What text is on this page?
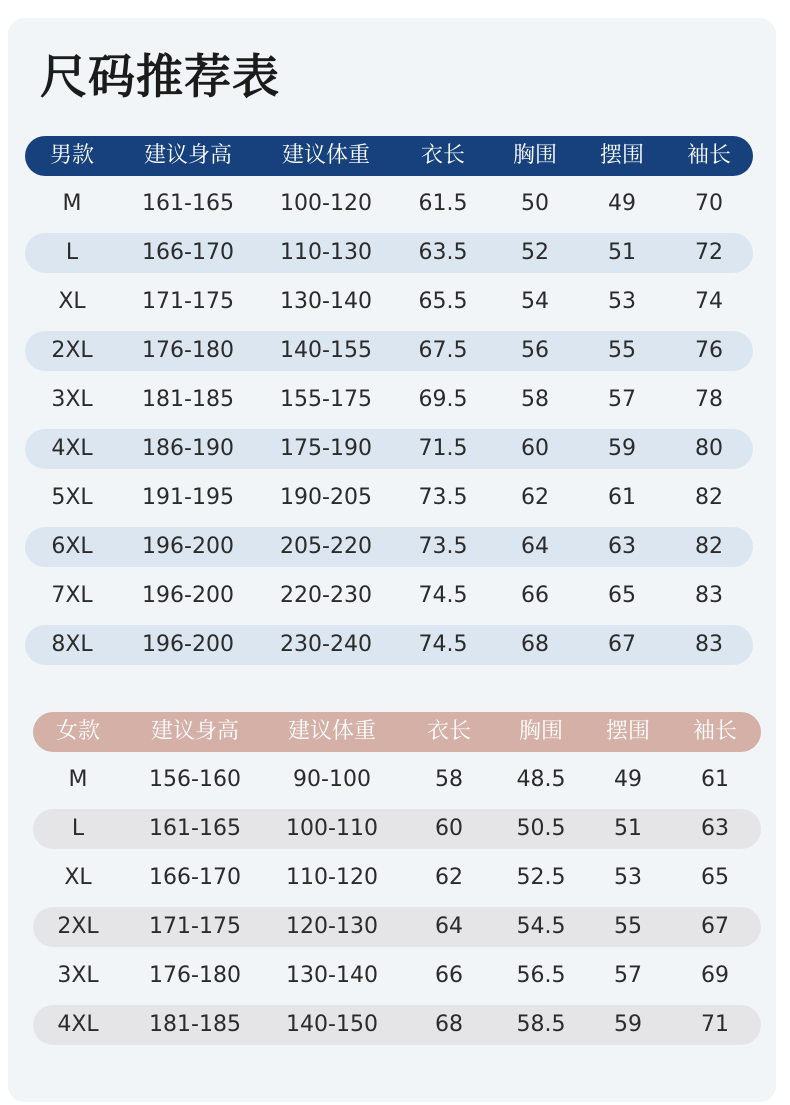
尺码推荐表
男款 建议身高 建议体重 衣长 胸围 摆围 袖长
M	161-165 100-120 61.5 50	49	70
L	166-170 110-130 63.5 52	51	72
XL	171-175 130-140 65.5 54	53	74
2XL 176-180 140-155 67.5 56	55	76
3XL 181-185 155-175 69.5 58	57	78
4XL 186-190 175-190 71.5 60	59	80
5XL 191-195 190-205 73.5 62	61	82
6XL 196-200 205-220 73.5 64	63	82
7XL 196-200 220-230 74.5 66	65	83
8XL 196-200 230-240 74.5 68	67	83
女款 建议身高 建议体重 衣长 胸围 摆围 袖长
M	156-160 90-100	58 48.5 49	61
L	161-165 100-110	60 50.5 51	63
XL	166-170 110-120	62 52.5 53	65
2XL 171-175 120-130	64 54.5 55	67
3XL 176-180 130-140	66 56.5 57	69
4XL 181-185 140-150	68 58.5 59	71
